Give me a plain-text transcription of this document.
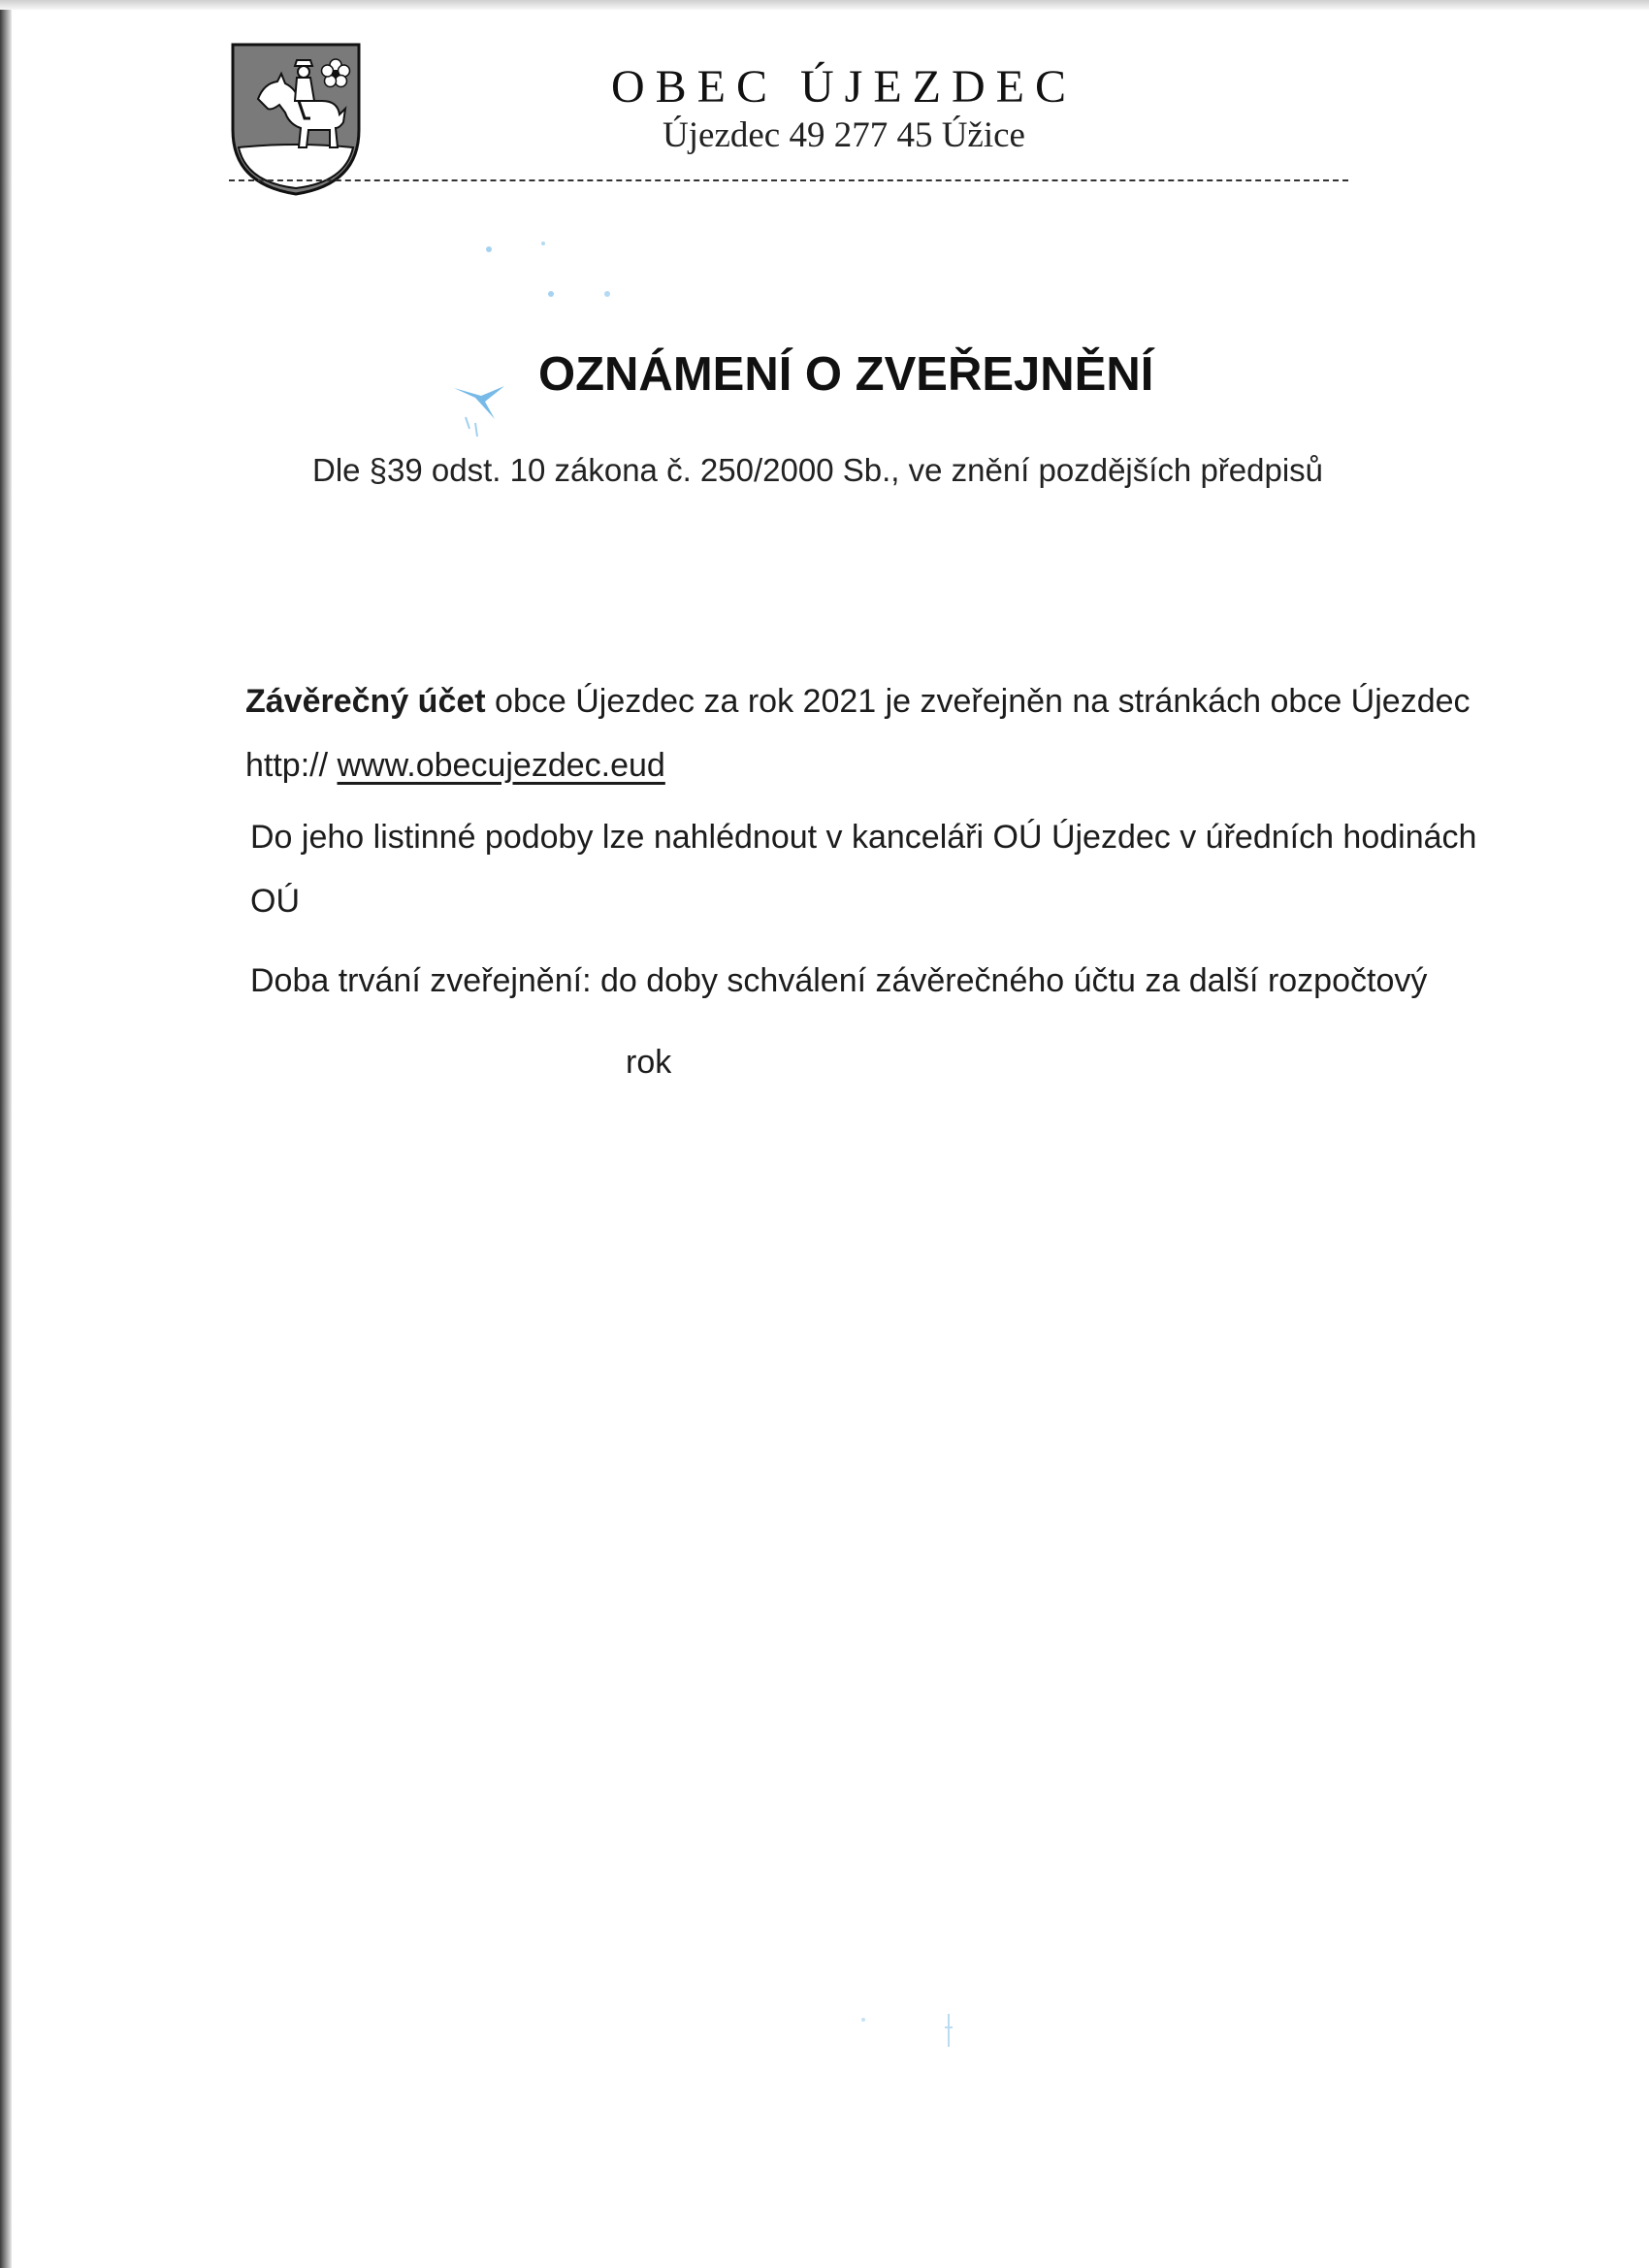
OBEC ÚJEZDEC
Újezdec 49 277 45 Úžice
OZNÁMENÍ O ZVEŘEJNĚNÍ
Dle §39 odst. 10 zákona č. 250/2000 Sb., ve znění pozdějších předpisů
Závěrečný účet obce Újezdec za rok 2021 je zveřejněn na stránkách obce Újezdec http:// www.obecujezdec.eud
Do jeho listinné podoby lze nahlédnout v kanceláři OÚ Újezdec v úředních hodinách OÚ
Doba trvání zveřejnění: do doby schválení závěrečného účtu za další rozpočtový
rok
